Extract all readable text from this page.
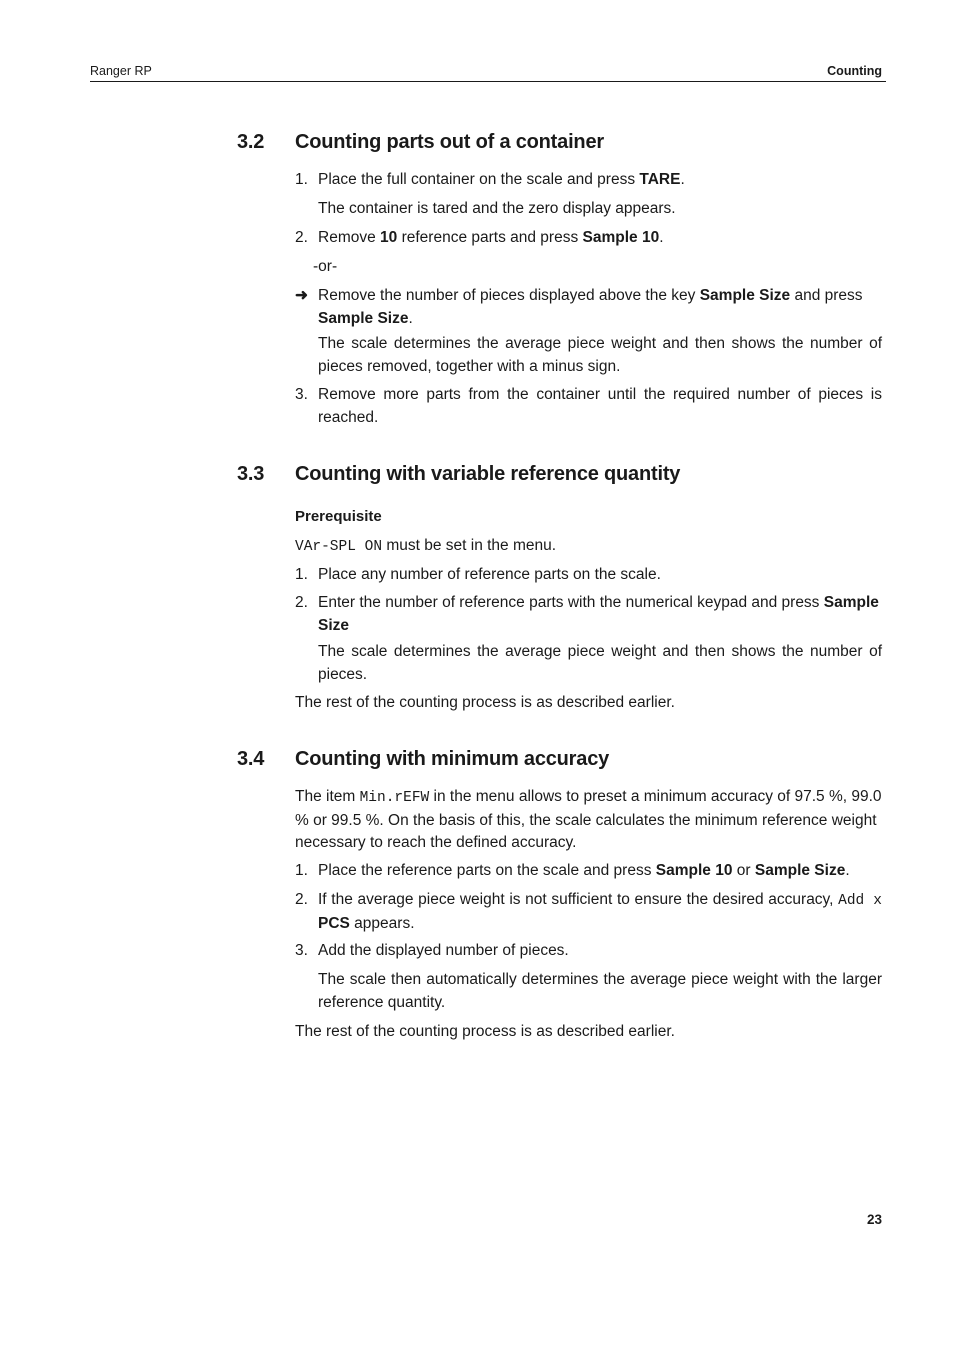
Ranger RP	Counting
3.2 Counting parts out of a container
1. Place the full container on the scale and press TARE.
The container is tared and the zero display appears.
2. Remove 10 reference parts and press Sample 10.
-or-
➜ Remove the number of pieces displayed above the key Sample Size and press Sample Size.
The scale determines the average piece weight and then shows the number of pieces removed, together with a minus sign.
3. Remove more parts from the container until the required number of pieces is reached.
3.3 Counting with variable reference quantity
Prerequisite
VAr-SPL ON must be set in the menu.
1. Place any number of reference parts on the scale.
2. Enter the number of reference parts with the numerical keypad and press Sample Size
The scale determines the average piece weight and then shows the number of pieces.
The rest of the counting process is as described earlier.
3.4 Counting with minimum accuracy
The item Min.rEFW in the menu allows to preset a minimum accuracy of 97.5 %, 99.0 % or 99.5 %. On the basis of this, the scale calculates the minimum reference weight necessary to reach the defined accuracy.
1. Place the reference parts on the scale and press Sample 10 or Sample Size.
2. If the average piece weight is not sufficient to ensure the desired accuracy, Add x PCS appears.
3. Add the displayed number of pieces.
The scale then automatically determines the average piece weight with the larger reference quantity.
The rest of the counting process is as described earlier.
23
